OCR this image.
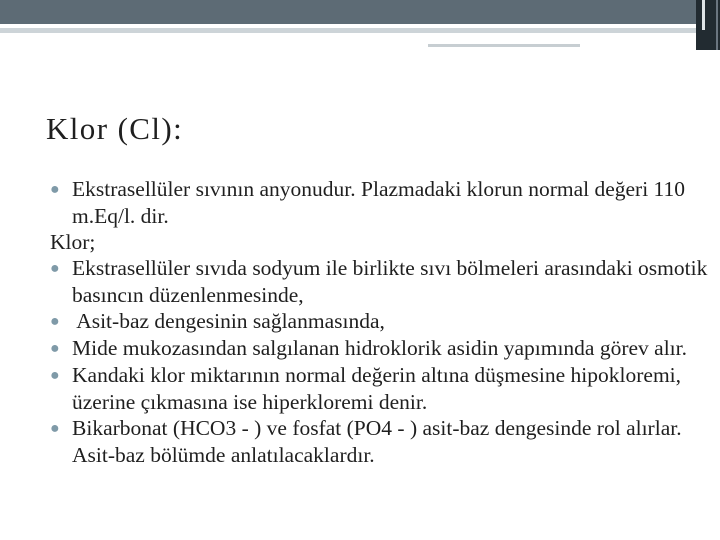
Klor (Cl):
● Ekstrasellüler sıvının anyonudur. Plazmadaki klorun normal değeri 110 m.Eq/l. dir.
Klor;
● Ekstrasellüler sıvıda sodyum ile birlikte sıvı bölmeleri arasındaki osmotik basıncın düzenlenmesinde,
● Asit-baz dengesinin sağlanmasında,
● Mide mukozasından salgılanan hidroklorik asidin yapımında görev alır.
● Kandaki klor miktarının normal değerin altına düşmesine hipokloremi, üzerine çıkmasına ise hiperkloremi denir.
● Bikarbonat (HCO3 - ) ve fosfat (PO4 - ) asit-baz dengesinde rol alırlar. Asit-baz bölümde anlatılacaklardır.
